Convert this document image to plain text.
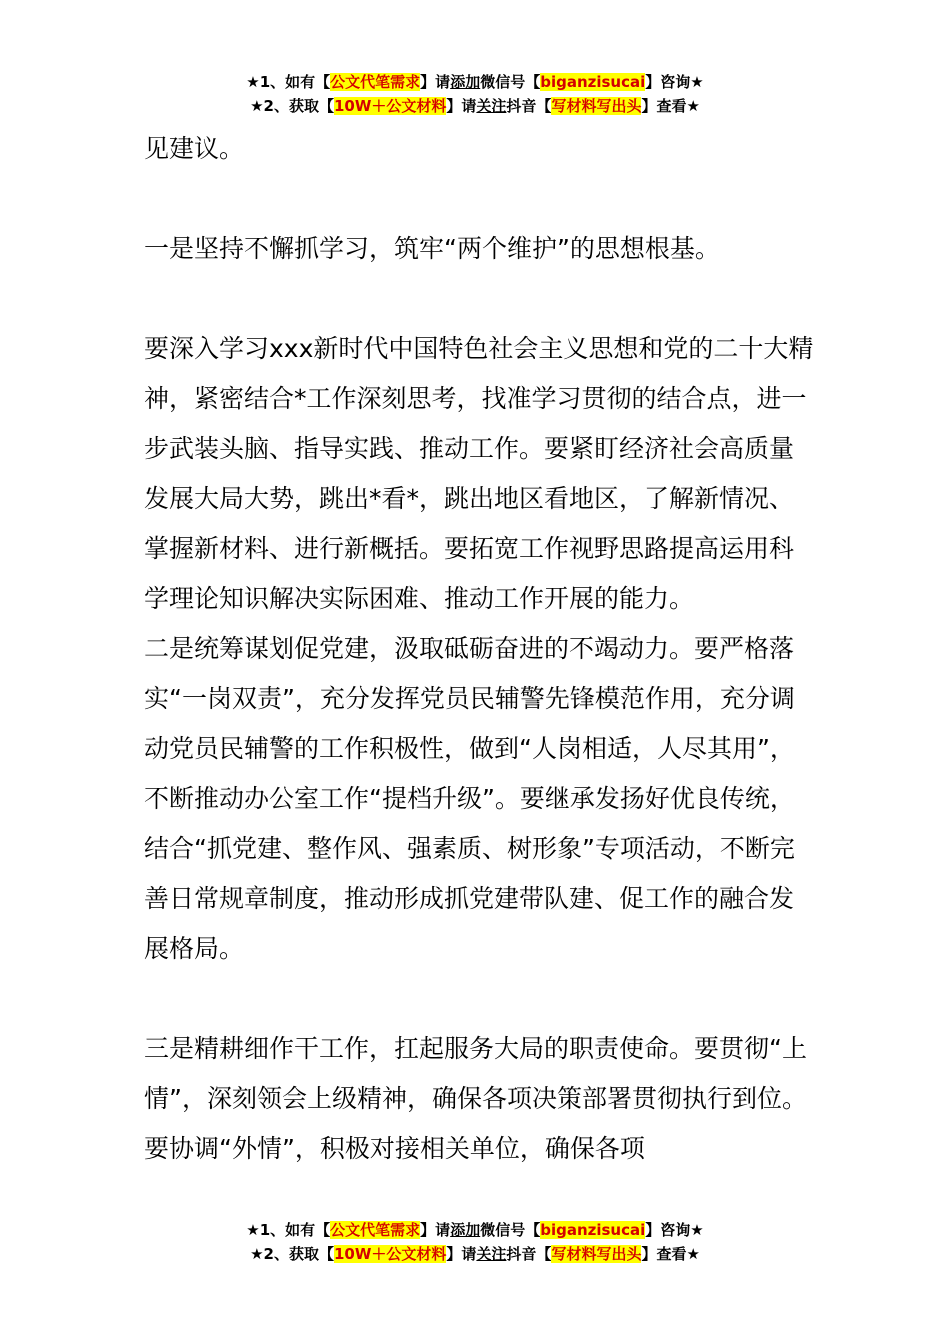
★1、如有【公文代笔需求】请添加微信号【biganzisucai】咨询★
★2、获取【10W＋公文材料】请关注抖音【写材料写出头】查看★

见建议。

一是坚持不懈抓学习，筑牢“两个维护”的思想根基。

要深入学习xxx新时代中国特色社会主义思想和党的二十大精神，紧密结合*工作深刻思考，找准学习贯彻的结合点，进一步武装头脑、指导实践、推动工作。要紧盯经济社会高质量发展大局大势，跳出*看*，跳出地区看地区，了解新情况、掌握新材料、进行新概括。要拓宽工作视野思路提高运用科学理论知识解决实际困难、推动工作开展的能力。

二是统筹谋划促党建，汲取砥砺奋进的不竭动力。要严格落实“一岗双责”，充分发挥党员民辅警先锋模范作用，充分调动党员民辅警的工作积极性，做到“人岗相适，人尽其用”，不断推动办公室工作“提档升级”。要继承发扬好优良传统，结合“抓党建、整作风、强素质、树形象”专项活动，不断完善日常规章制度，推动形成抓党建带队建、促工作的融合发展格局。

三是精耕细作干工作，扛起服务大局的职责使命。要贯彻“上情”，深刻领会上级精神，确保各项决策部署贯彻执行到位。要协调“外情”，积极对接相关单位，确保各项

★1、如有【公文代笔需求】请添加微信号【biganzisucai】咨询★
★2、获取【10W＋公文材料】请关注抖音【写材料写出头】查看★
